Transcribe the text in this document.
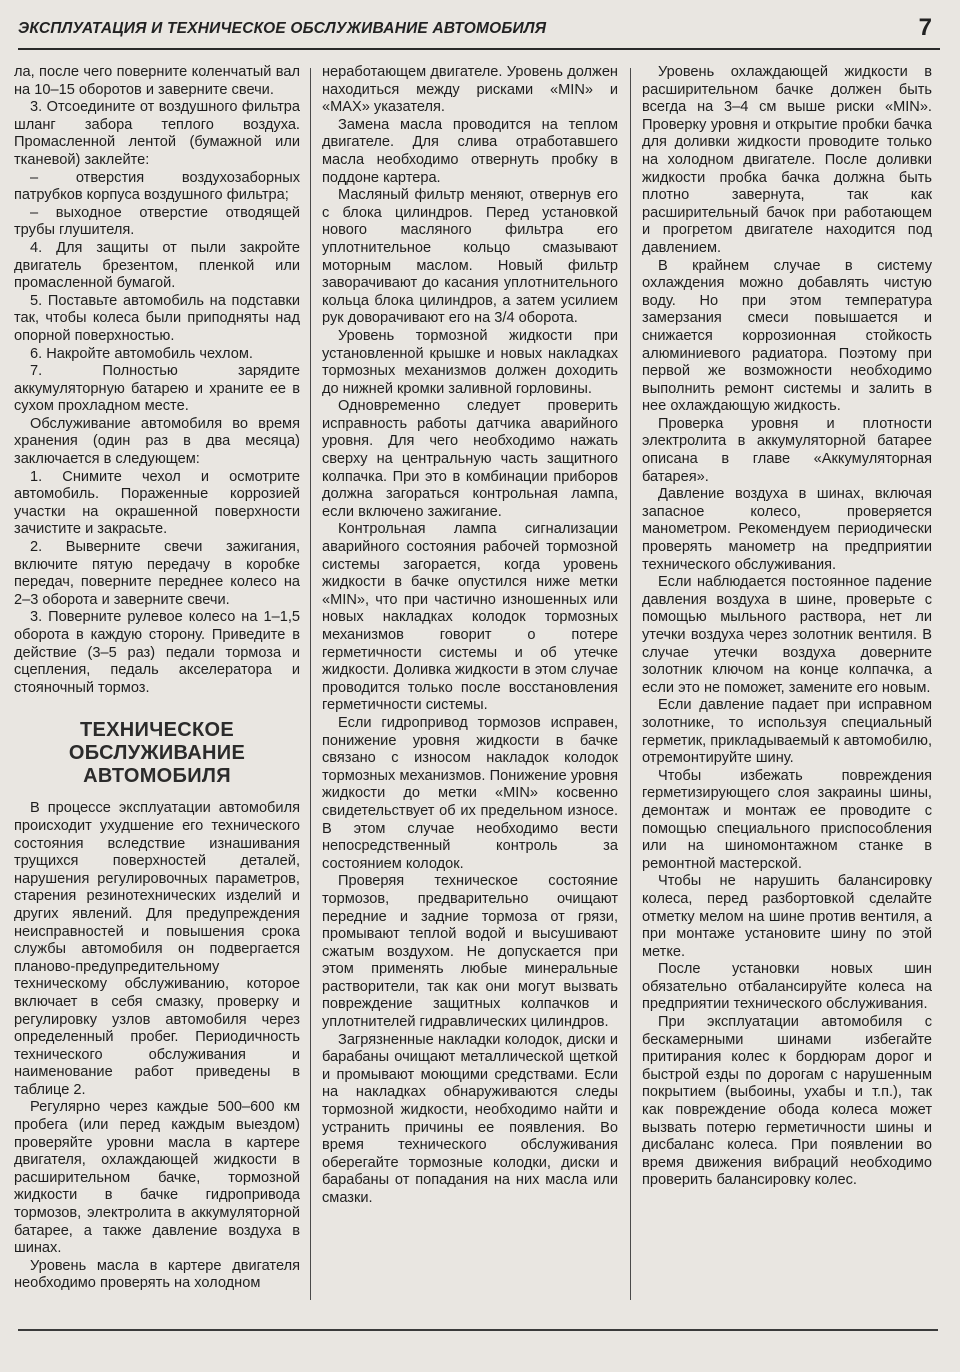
ЭКСПЛУАТАЦИЯ И ТЕХНИЧЕСКОЕ ОБСЛУЖИВАНИЕ АВТОМОБИЛЯ	7

ла, после чего поверните коленчатый вал на 10–15 оборотов и заверните свечи.

3. Отсоедините от воздушного фильтра шланг забора теплого воздуха. Промасленной лентой (бумажной или тканевой) заклейте:

– отверстия воздухозаборных патрубков корпуса воздушного фильтра;

– выходное отверстие отводящей трубы глушителя.

4. Для защиты от пыли закройте двигатель брезентом, пленкой или промасленной бумагой.

5. Поставьте автомобиль на подставки так, чтобы колеса были приподняты над опорной поверхностью.

6. Накройте автомобиль чехлом.

7. Полностью зарядите аккумуляторную батарею и храните ее в сухом прохладном месте.

Обслуживание автомобиля во время хранения (один раз в два месяца) заключается в следующем:

1. Снимите чехол и осмотрите автомобиль. Пораженные коррозией участки на окрашенной поверхности зачистите и закрасьте.

2. Выверните свечи зажигания, включите пятую передачу в коробке передач, поверните переднее колесо на 2–3 оборота и заверните свечи.

3. Поверните рулевое колесо на 1–1,5 оборота в каждую сторону. Приведите в действие (3–5 раз) педали тормоза и сцепления, педаль акселератора и стояночный тормоз.

ТЕХНИЧЕСКОЕ
ОБСЛУЖИВАНИЕ
АВТОМОБИЛЯ

В процессе эксплуатации автомобиля происходит ухудшение его технического состояния вследствие изнашивания трущихся поверхностей деталей, нарушения регулировочных параметров, старения резинотехнических изделий и других явлений. Для предупреждения неисправностей и повышения срока службы автомобиля он подвергается планово-предупредительному техническому обслуживанию, которое включает в себя смазку, проверку и регулировку узлов автомобиля через определенный пробег. Периодичность технического обслуживания и наименование работ приведены в таблице 2.

Регулярно через каждые 500–600 км пробега (или перед каждым выездом) проверяйте уровни масла в картере двигателя, охлаждающей жидкости в расширительном бачке, тормозной жидкости в бачке гидропривода тормозов, электролита в аккумуляторной батарее, а также давление воздуха в шинах.

Уровень масла в картере двигателя необходимо проверять на холодном

неработающем двигателе. Уровень должен находиться между рисками «MIN» и «MAX» указателя.

Замена масла проводится на теплом двигателе. Для слива отработавшего масла необходимо отвернуть пробку в поддоне картера.

Масляный фильтр меняют, отвернув его с блока цилиндров. Перед установкой нового масляного фильтра его уплотнительное кольцо смазывают моторным маслом. Новый фильтр заворачивают до касания уплотнительного кольца блока цилиндров, а затем усилием рук доворачивают его на 3/4 оборота.

Уровень тормозной жидкости при установленной крышке и новых накладках тормозных механизмов должен доходить до нижней кромки заливной горловины.

Одновременно следует проверить исправность работы датчика аварийного уровня. Для чего необходимо нажать сверху на центральную часть защитного колпачка. При это в комбинации приборов должна загораться контрольная лампа, если включено зажигание.

Контрольная лампа сигнализации аварийного состояния рабочей тормозной системы загорается, когда уровень жидкости в бачке опустился ниже метки «MIN», что при частично изношенных или новых накладках колодок тормозных механизмов говорит о потере герметичности системы и об утечке жидкости. Доливка жидкости в этом случае проводится только после восстановления герметичности системы.

Если гидропривод тормозов исправен, понижение уровня жидкости в бачке связано с износом накладок колодок тормозных механизмов. Понижение уровня жидкости до метки «MIN» косвенно свидетельствует об их предельном износе. В этом случае необходимо вести непосредственный контроль за состоянием колодок.

Проверяя техническое состояние тормозов, предварительно очищают передние и задние тормоза от грязи, промывают теплой водой и высушивают сжатым воздухом. Не допускается при этом применять любые минеральные растворители, так как они могут вызвать повреждение защитных колпачков и уплотнителей гидравлических цилиндров.

Загрязненные накладки колодок, диски и барабаны очищают металлической щеткой и промывают моющими средствами. Если на накладках обнаруживаются следы тормозной жидкости, необходимо найти и устранить причины ее появления. Во время технического обслуживания оберегайте тормозные колодки, диски и барабаны от попадания на них масла или смазки.

Уровень охлаждающей жидкости в расширительном бачке должен быть всегда на 3–4 см выше риски «MIN». Проверку уровня и открытие пробки бачка для доливки жидкости проводите только на холодном двигателе. После доливки жидкости пробка бачка должна быть плотно завернута, так как расширительный бачок при работающем и прогретом двигателе находится под давлением.

В крайнем случае в систему охлаждения можно добавлять чистую воду. Но при этом температура замерзания смеси повышается и снижается коррозионная стойкость алюминиевого радиатора. Поэтому при первой же возможности необходимо выполнить ремонт системы и залить в нее охлаждающую жидкость.

Проверка уровня и плотности электролита в аккумуляторной батарее описана в главе «Аккумуляторная батарея».

Давление воздуха в шинах, включая запасное колесо, проверяется манометром. Рекомендуем периодически проверять манометр на предприятии технического обслуживания.

Если наблюдается постоянное падение давления воздуха в шине, проверьте с помощью мыльного раствора, нет ли утечки воздуха через золотник вентиля. В случае утечки воздуха доверните золотник ключом на конце колпачка, а если это не поможет, замените его новым.

Если давление падает при исправном золотнике, то используя специальный герметик, прикладываемый к автомобилю, отремонтируйте шину.

Чтобы избежать повреждения герметизирующего слоя закраины шины, демонтаж и монтаж ее проводите с помощью специального приспособления или на шиномонтажном станке в ремонтной мастерской.

Чтобы не нарушить балансировку колеса, перед разбортовкой сделайте отметку мелом на шине против вентиля, а при монтаже установите шину по этой метке.

После установки новых шин обязательно отбалансируйте колеса на предприятии технического обслуживания.

При эксплуатации автомобиля с бескамерными шинами избегайте притирания колес к бордюрам дорог и быстрой езды по дорогам с нарушенным покрытием (выбоины, ухабы и т.п.), так как повреждение обода колеса может вызвать потерю герметичности шины и дисбаланс колеса. При появлении во время движения вибраций необходимо проверить балансировку колес.
